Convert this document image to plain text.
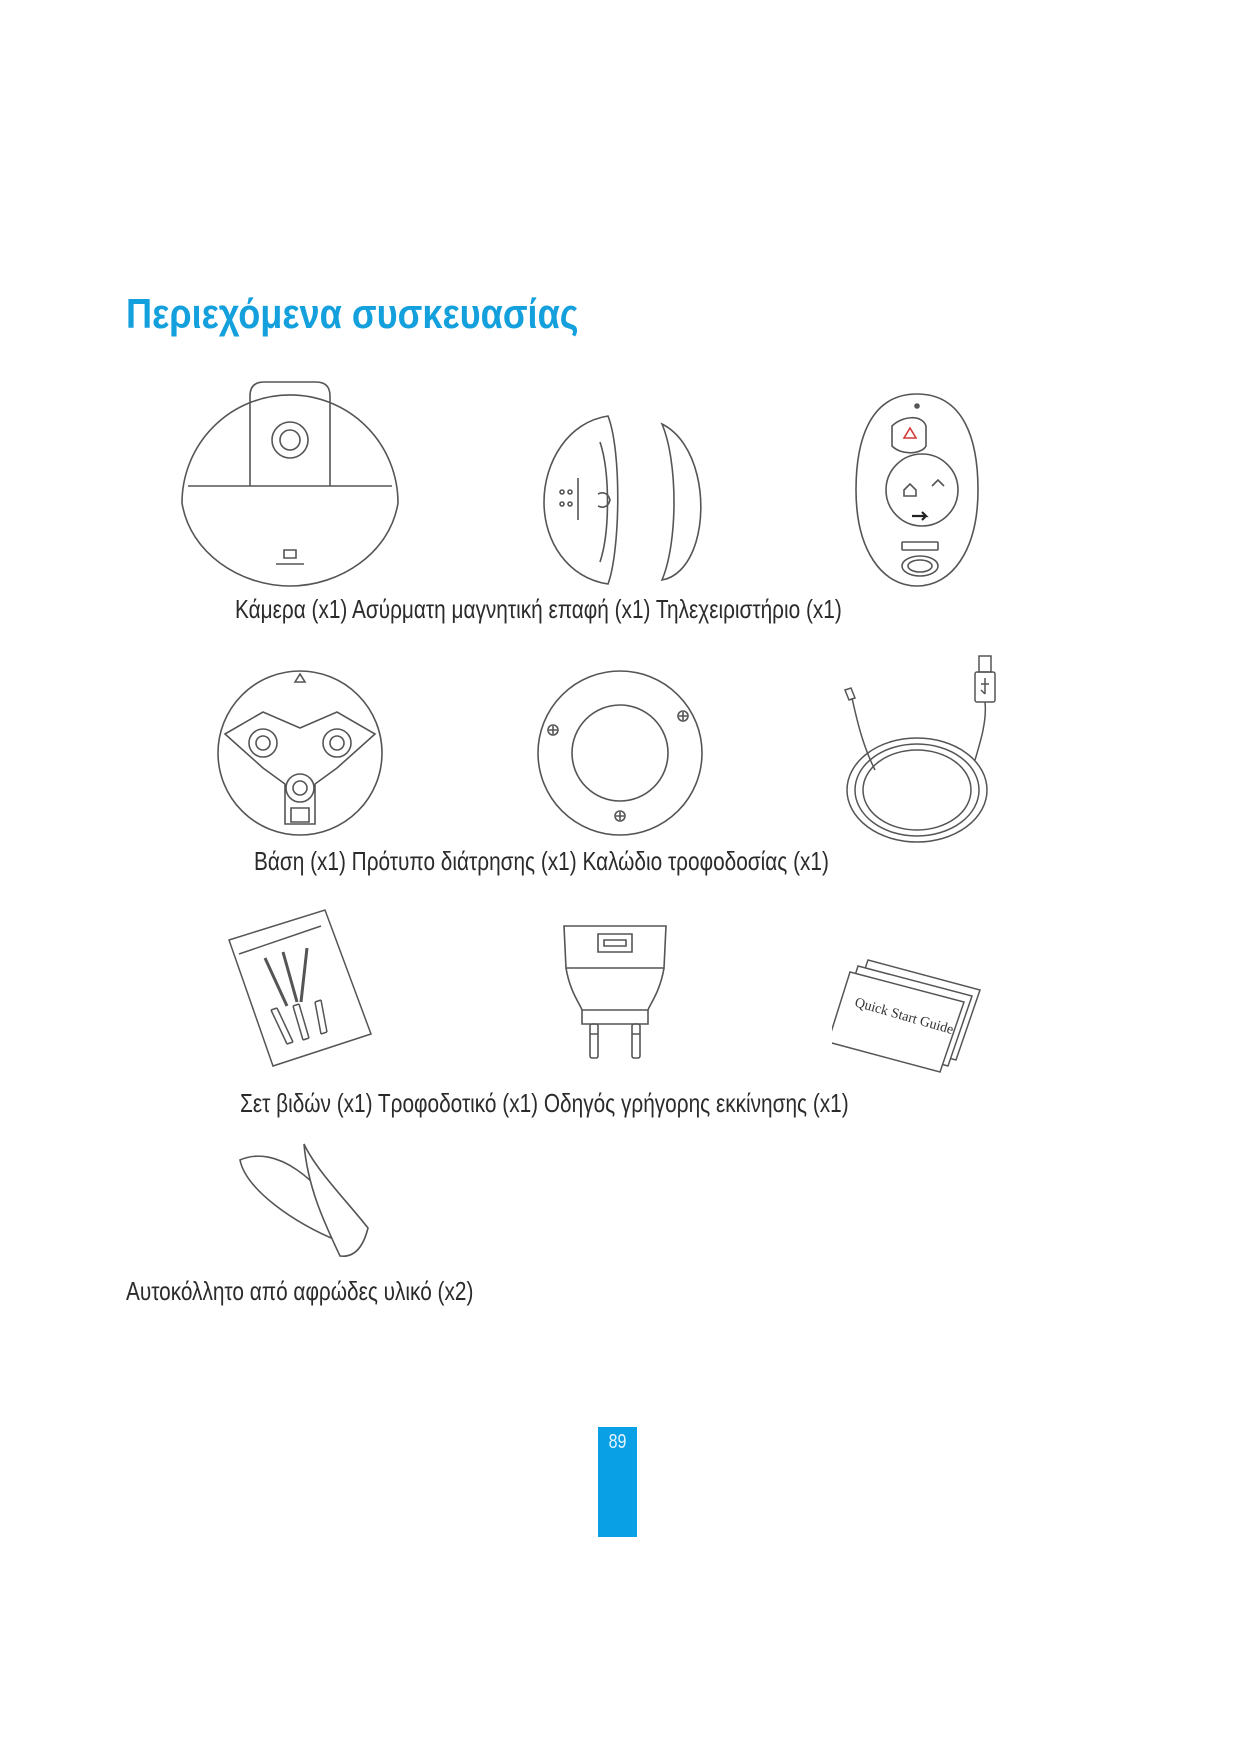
Περιεχόμενα συσκευασίας

Κάμερα (x1) Ασύρματη μαγνητική επαφή (x1) Τηλεχειριστήριο (x1)

Βάση (x1) Πρότυπο διάτρησης (x1) Καλώδιο τροφοδοσίας (x1)

Quick Start Guide

Σετ βιδών (x1) Τροφοδοτικό (x1) Οδηγός γρήγορης εκκίνησης (x1)

Αυτοκόλλητο από αφρώδες υλικό (x2)

89
